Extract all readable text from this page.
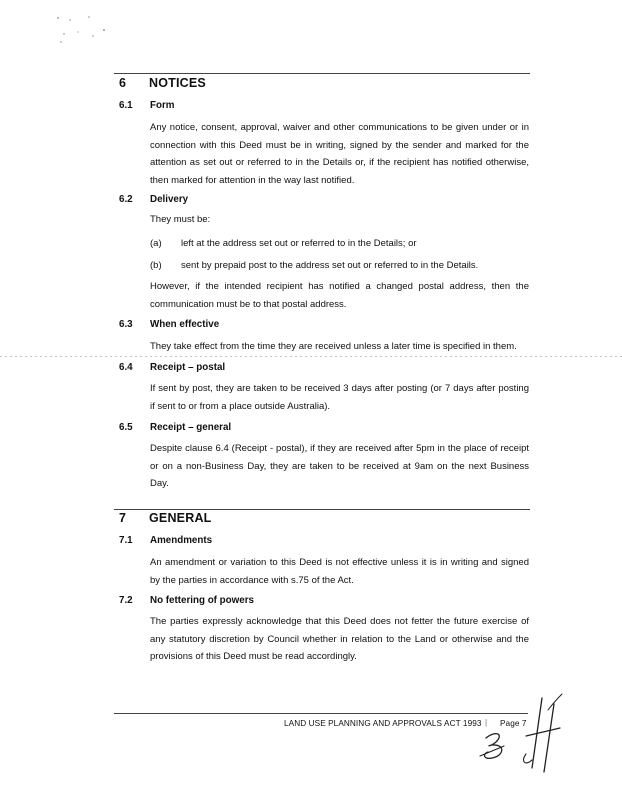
6 NOTICES
6.1 Form
Any notice, consent, approval, waiver and other communications to be given under or in connection with this Deed must be in writing, signed by the sender and marked for the attention as set out or referred to in the Details or, if the recipient has notified otherwise, then marked for attention in the way last notified.
6.2 Delivery
They must be:
(a) left at the address set out or referred to in the Details; or
(b) sent by prepaid post to the address set out or referred to in the Details.
However, if the intended recipient has notified a changed postal address, then the communication must be to that postal address.
6.3 When effective
They take effect from the time they are received unless a later time is specified in them.
6.4 Receipt – postal
If sent by post, they are taken to be received 3 days after posting (or 7 days after posting if sent to or from a place outside Australia).
6.5 Receipt – general
Despite clause 6.4 (Receipt - postal), if they are received after 5pm in the place of receipt or on a non-Business Day, they are taken to be received at 9am on the next Business Day.
7 GENERAL
7.1 Amendments
An amendment or variation to this Deed is not effective unless it is in writing and signed by the parties in accordance with s.75 of the Act.
7.2 No fettering of powers
The parties expressly acknowledge that this Deed does not fetter the future exercise of any statutory discretion by Council whether in relation to the Land or otherwise and the provisions of this Deed must be read accordingly.
LAND USE PLANNING AND APPROVALS ACT 1993 | Page 7
